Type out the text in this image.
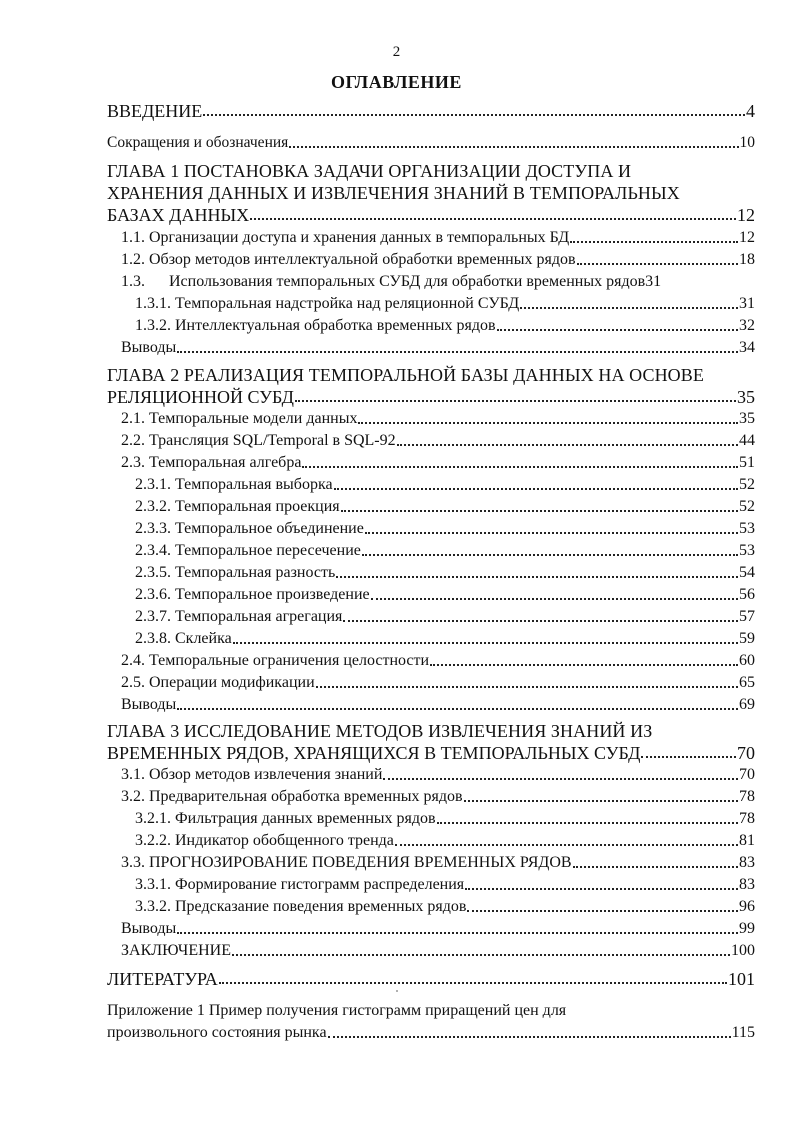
2
ОГЛАВЛЕНИЕ
ВВЕДЕНИЕ	4
Сокращения и обозначения	10
ГЛАВА 1 ПОСТАНОВКА ЗАДАЧИ ОРГАНИЗАЦИИ ДОСТУПА И
ХРАНЕНИЯ ДАННЫХ И ИЗВЛЕЧЕНИЯ ЗНАНИЙ В ТЕМПОРАЛЬНЫХ
БАЗАХ ДАННЫХ	12
1.1. Организации доступа и хранения данных в темпоральных БД	12
1.2. Обзор методов интеллектуальной обработки временных рядов	18
1.3. Использования темпоральных СУБД для обработки временных рядов 31
1.3.1. Темпоральная надстройка над реляционной СУБД	31
1.3.2. Интеллектуальная обработка временных рядов	32
Выводы	34
ГЛАВА 2 РЕАЛИЗАЦИЯ ТЕМПОРАЛЬНОЙ БАЗЫ ДАННЫХ НА ОСНОВЕ
РЕЛЯЦИОННОЙ СУБД	35
2.1. Темпоральные модели данных	35
2.2. Трансляция SQL/Temporal в SQL-92	44
2.3. Темпоральная алгебра	51
2.3.1. Темпоральная выборка	52
2.3.2. Темпоральная проекция	52
2.3.3. Темпоральное объединение	53
2.3.4. Темпоральное пересечение	53
2.3.5. Темпоральная разность	54
2.3.6. Темпоральное произведение	56
2.3.7. Темпоральная агрегация	57
2.3.8. Склейка	59
2.4. Темпоральные ограничения целостности	60
2.5. Операции модификации	65
Выводы	69
ГЛАВА 3 ИССЛЕДОВАНИЕ МЕТОДОВ ИЗВЛЕЧЕНИЯ ЗНАНИЙ ИЗ
ВРЕМЕННЫХ РЯДОВ, ХРАНЯЩИХСЯ В ТЕМПОРАЛЬНЫХ СУБД	70
3.1. Обзор методов извлечения знаний	70
3.2. Предварительная обработка временных рядов	78
3.2.1. Фильтрация данных временных рядов	78
3.2.2. Индикатор обобщенного тренда	81
3.3. ПРОГНОЗИРОВАНИЕ ПОВЕДЕНИЯ ВРЕМЕННЫХ РЯДОВ	83
3.3.1. Формирование гистограмм распределения	83
3.3.2. Предсказание поведения временных рядов	96
Выводы	99
ЗАКЛЮЧЕНИЕ	100
ЛИТЕРАТУРА	101
Приложение 1 Пример получения гистограмм приращений цен для
произвольного состояния рынка	115
